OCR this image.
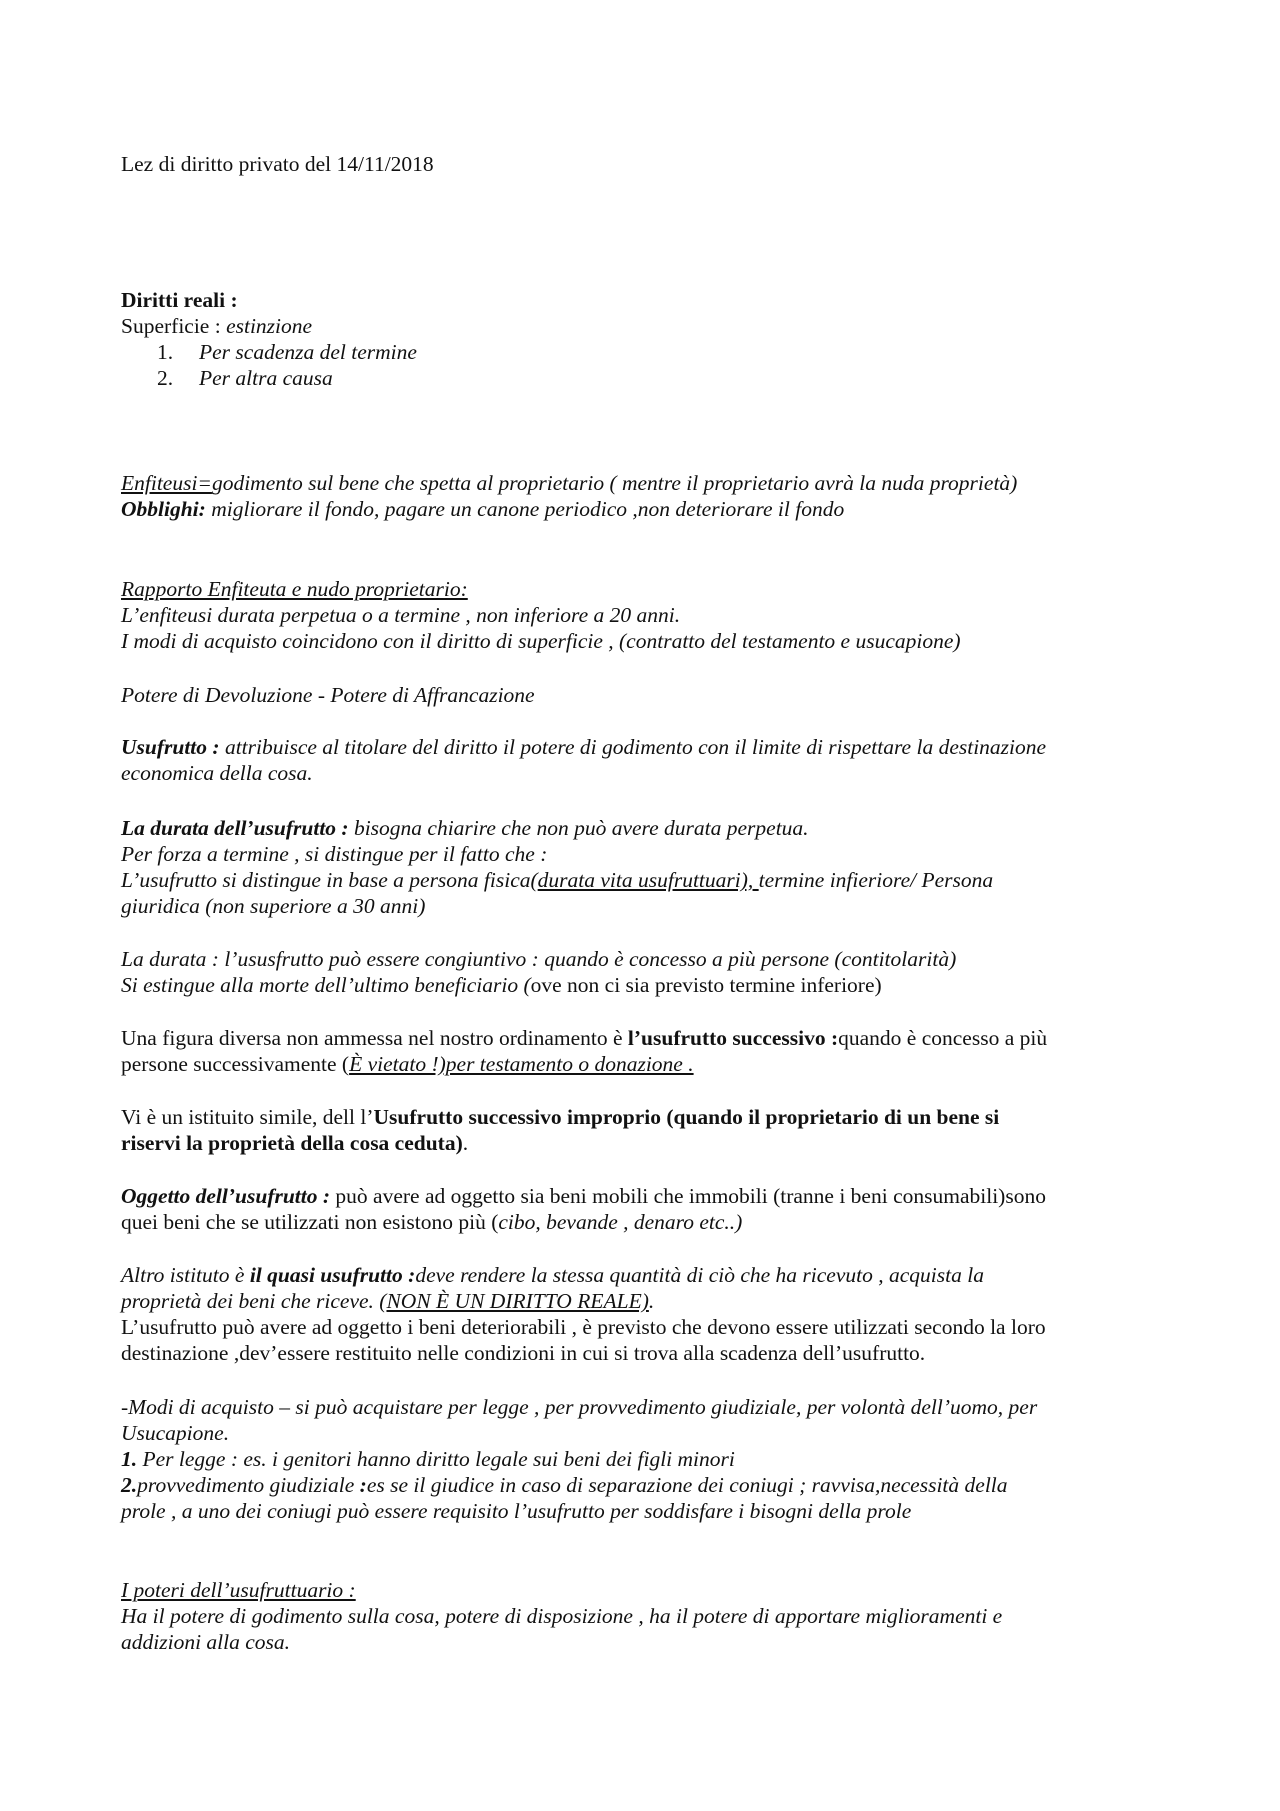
Lez di diritto privato del 14/11/2018
Diritti reali :
Superficie : estinzione
1. Per scadenza del termine
2. Per altra causa
Enfiteusi=godimento sul bene che spetta al proprietario ( mentre il proprietario avrà la nuda proprietà)
Obblighi: migliorare il fondo, pagare un canone periodico ,non deteriorare il fondo
Rapporto Enfiteuta e nudo proprietario:
L’enfiteusi durata perpetua o a termine , non inferiore a 20 anni.
I modi di acquisto coincidono con il diritto di superficie , (contratto del testamento e usucapione)
Potere di Devoluzione - Potere di Affrancazione
Usufrutto : attribuisce al titolare del diritto il potere di godimento con il limite di rispettare la destinazione
economica della cosa.
La durata dell’usufrutto : bisogna chiarire che non può avere durata perpetua.
Per forza a termine , si distingue per il fatto che :
L’usufrutto si distingue in base a persona fisica(durata vita usufruttuari), termine infieriore/ Persona
giuridica (non superiore a 30 anni)
La durata : l’ususfrutto può essere congiuntivo : quando è concesso a più persone (contitolarità)
Si estingue alla morte dell’ultimo beneficiario (ove non ci sia previsto termine inferiore)
Una figura diversa non ammessa nel nostro ordinamento è l’usufrutto successivo :quando è concesso a più
persone successivamente (È vietato !)per testamento o donazione .
Vi è un istituito simile, dell l’Usufrutto successivo improprio (quando il proprietario di un bene si
riservi la proprietà della cosa ceduta).
Oggetto dell’usufrutto : può avere ad oggetto sia beni mobili che immobili (tranne i beni consumabili)sono
quei beni che se utilizzati non esistono più (cibo, bevande , denaro etc..)
Altro istituto è il quasi usufrutto :deve rendere la stessa quantità di ciò che ha ricevuto , acquista la
proprietà dei beni che riceve. (NON È UN DIRITTO REALE).
L’usufrutto può avere ad oggetto i beni deteriorabili , è previsto che devono essere utilizzati secondo la loro
destinazione ,dev’essere restituito nelle condizioni in cui si trova alla scadenza dell’usufrutto.
-Modi di acquisto – si può acquistare per legge , per provvedimento giudiziale, per volontà dell’uomo, per
Usucapione.
1. Per legge : es. i genitori hanno diritto legale sui beni dei figli minori
2.provvedimento giudiziale :es se il giudice in caso di separazione dei coniugi ; ravvisa,necessità della
prole , a uno dei coniugi può essere requisito l’usufrutto per soddisfare i bisogni della prole
I poteri dell’usufruttuario :
Ha il potere di godimento sulla cosa, potere di disposizione , ha il potere di apportare miglioramenti e
addizioni alla cosa.
